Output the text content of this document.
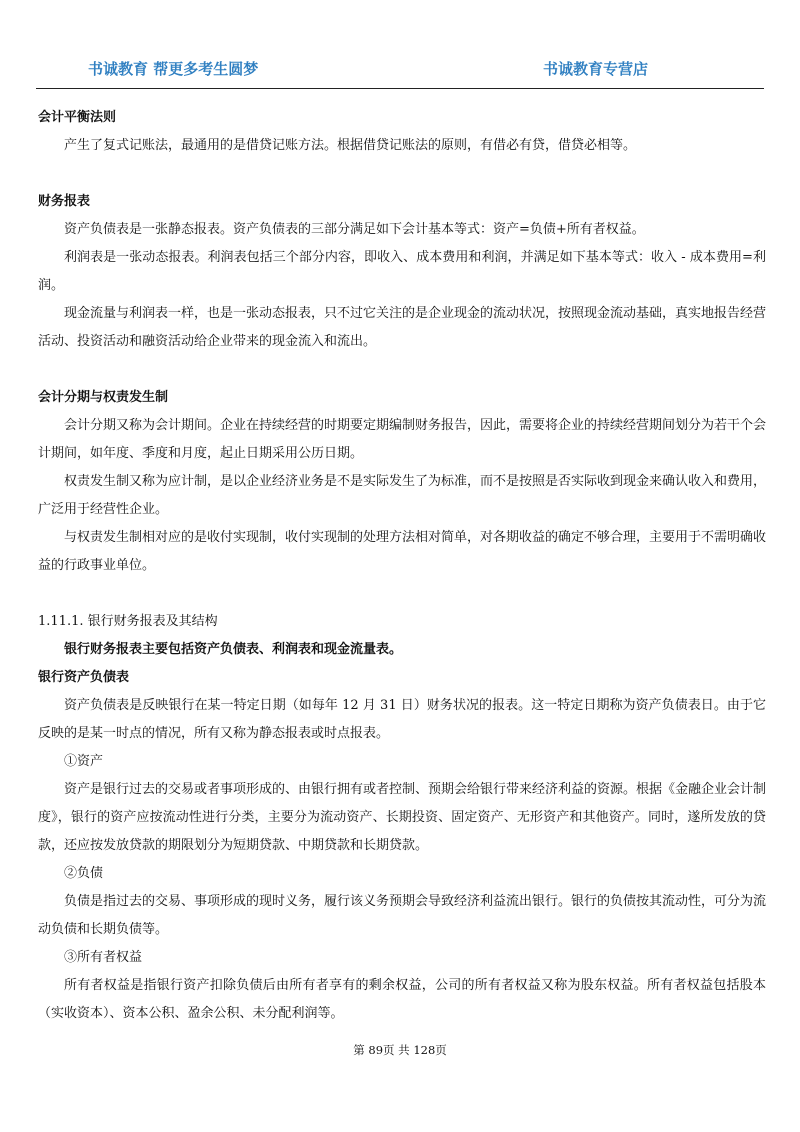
书诚教育 帮更多考生圆梦	书诚教育专营店

会计平衡法则

产生了复式记账法，最通用的是借贷记账方法。根据借贷记账法的原则，有借必有贷，借贷必相等。

财务报表

资产负债表是一张静态报表。资产负债表的三部分满足如下会计基本等式：资产=负债+所有者权益。

利润表是一张动态报表。利润表包括三个部分内容，即收入、成本费用和利润，并满足如下基本等式：收入 - 成本费用=利润。

现金流量与利润表一样，也是一张动态报表，只不过它关注的是企业现金的流动状况，按照现金流动基础，真实地报告经营活动、投资活动和融资活动给企业带来的现金流入和流出。

会计分期与权责发生制

会计分期又称为会计期间。企业在持续经营的时期要定期编制财务报告，因此，需要将企业的持续经营期间划分为若干个会计期间，如年度、季度和月度，起止日期采用公历日期。

权责发生制又称为应计制，是以企业经济业务是不是实际发生了为标准，而不是按照是否实际收到现金来确认收入和费用，广泛用于经营性企业。

与权责发生制相对应的是收付实现制，收付实现制的处理方法相对简单，对各期收益的确定不够合理，主要用于不需明确收益的行政事业单位。

1.11.1. 银行财务报表及其结构

银行财务报表主要包括资产负债表、利润表和现金流量表。

银行资产负债表

资产负债表是反映银行在某一特定日期（如每年 12 月 31 日）财务状况的报表。这一特定日期称为资产负债表日。由于它反映的是某一时点的情况，所有又称为静态报表或时点报表。

①资产

资产是银行过去的交易或者事项形成的、由银行拥有或者控制、预期会给银行带来经济利益的资源。根据《金融企业会计制度》，银行的资产应按流动性进行分类，主要分为流动资产、长期投资、固定资产、无形资产和其他资产。同时，遂所发放的贷款，还应按发放贷款的期限划分为短期贷款、中期贷款和长期贷款。

②负债

负债是指过去的交易、事项形成的现时义务，履行该义务预期会导致经济利益流出银行。银行的负债按其流动性，可分为流动负债和长期负债等。

③所有者权益

所有者权益是指银行资产扣除负债后由所有者享有的剩余权益，公司的所有者权益又称为股东权益。所有者权益包括股本（实收资本）、资本公积、盈余公积、未分配利润等。

第 89页 共 128页
